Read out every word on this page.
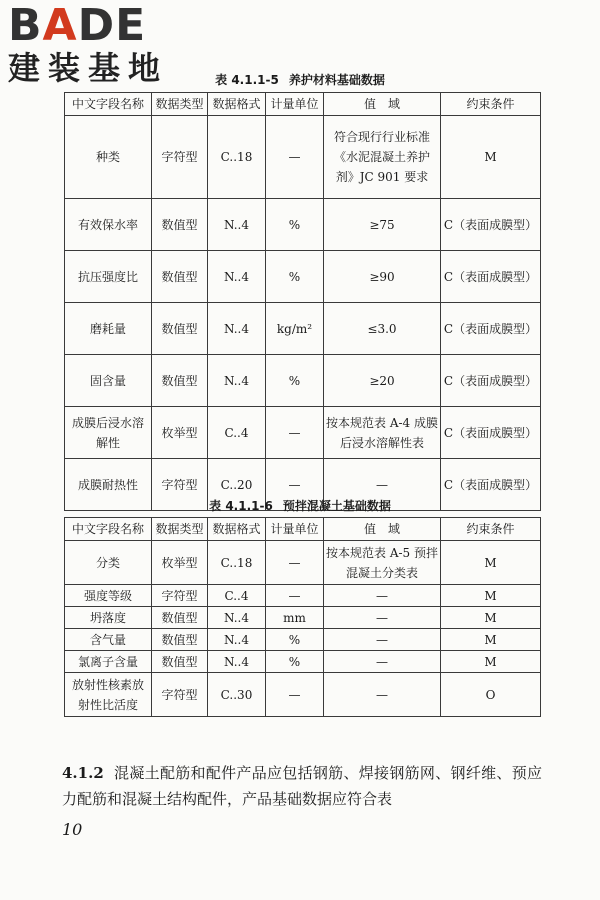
BADE
建装基地	表 4.1.1-5 养护材料基础数据
中文字段名称	数据类型	数据格式	计量单位	值　域	约束条件
种类	字符型	C..18	—	符合现行行业标准《水泥混凝土养护剂》JC 901 要求	M
有效保水率	数值型	N..4	%	≥75	C（表面成膜型）
抗压强度比	数值型	N..4	%	≥90	C（表面成膜型）
磨耗量	数值型	N..4	kg/m²	≤3.0	C（表面成膜型）
固含量	数值型	N..4	%	≥20	C（表面成膜型）
成膜后浸水溶解性	枚举型	C..4	—	按本规范表 A-4 成膜后浸水溶解性表	C（表面成膜型）
成膜耐热性	字符型	C..20	—	—	C（表面成膜型）
表 4.1.1-6 预拌混凝土基础数据
中文字段名称	数据类型	数据格式	计量单位	值　域	约束条件
分类	枚举型	C..18	—	按本规范表 A-5 预拌混凝土分类表	M
强度等级	字符型	C..4	—	—	M
坍落度	数值型	N..4	mm	—	M
含气量	数值型	N..4	%	—	M
氯离子含量	数值型	N..4	%	—	M
放射性核素放射性比活度	字符型	C..30	—	—	O
4.1.2 混凝土配筋和配件产品应包括钢筋、焊接钢筋网、钢纤维、预应力配筋和混凝土结构配件，产品基础数据应符合表
10
